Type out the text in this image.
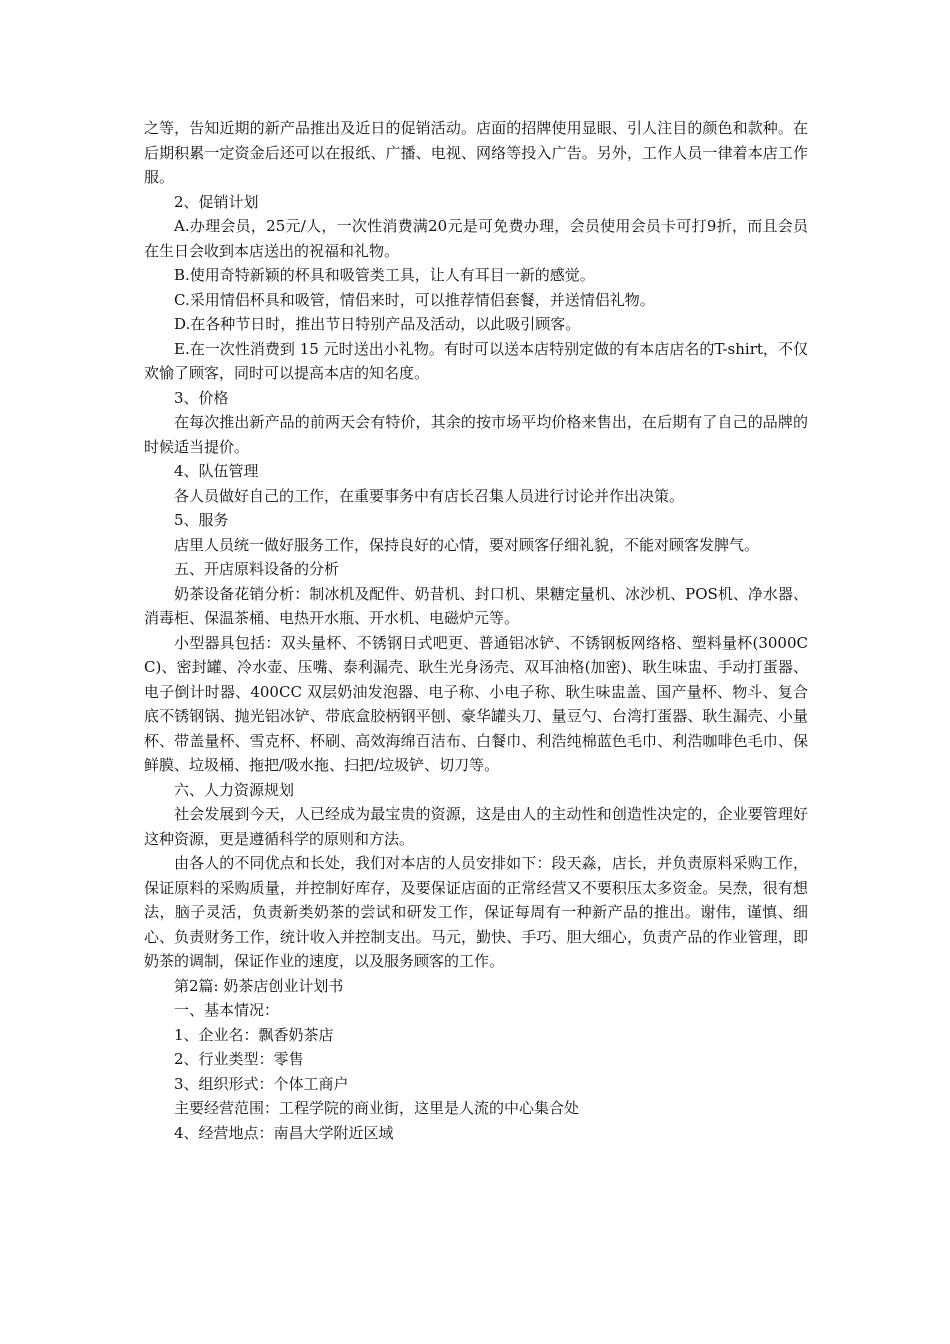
之等，告知近期的新产品推出及近日的促销活动。店面的招牌使用显眼、引人注目的颜色和款种。在后期积累一定资金后还可以在报纸、广播、电视、网络等投入广告。另外，工作人员一律着本店工作服。

2、促销计划

A.办理会员，25元/人，一次性消费满20元是可免费办理，会员使用会员卡可打9折，而且会员在生日会收到本店送出的祝福和礼物。

B.使用奇特新颖的杯具和吸管类工具，让人有耳目一新的感觉。

C.采用情侣杯具和吸管，情侣来时，可以推荐情侣套餐，并送情侣礼物。

D.在各种节日时，推出节日特别产品及活动，以此吸引顾客。

E.在一次性消费到 15 元时送出小礼物。有时可以送本店特别定做的有本店店名的T-shirt，不仅欢愉了顾客，同时可以提高本店的知名度。

3、价格

在每次推出新产品的前两天会有特价，其余的按市场平均价格来售出，在后期有了自己的品牌的时候适当提价。

4、队伍管理

各人员做好自己的工作，在重要事务中有店长召集人员进行讨论并作出决策。

5、服务

店里人员统一做好服务工作，保持良好的心情，要对顾客仔细礼貌，不能对顾客发脾气。

五、开店原料设备的分析

奶茶设备花销分析：制冰机及配件、奶昔机、封口机、果糖定量机、冰沙机、POS机、净水器、消毒柜、保温茶桶、电热开水瓶、开水机、电磁炉元等。

小型器具包括：双头量杯、不锈钢日式吧更、普通铝冰铲、不锈钢板网络格、塑料量杯(3000CC)、密封罐、冷水壶、压嘴、泰利漏壳、耿生光身汤壳、双耳油格(加密)、耿生味盅、手动打蛋器、电子倒计时器、400CC 双层奶油发泡器、电子称、小电子称、耿生味盅盖、国产量杯、物斗、复合底不锈钢锅、抛光铝冰铲、带底盒胶柄钢平刨、豪华罐头刀、量豆勺、台湾打蛋器、耿生漏壳、小量杯、带盖量杯、雪克杯、杯刷、高效海绵百洁布、白餐巾、利浩纯棉蓝色毛巾、利浩咖啡色毛巾、保鲜膜、垃圾桶、拖把/吸水拖、扫把/垃圾铲、切刀等。

六、人力资源规划

社会发展到今天，人已经成为最宝贵的资源，这是由人的主动性和创造性决定的，企业要管理好这种资源，更是遵循科学的原则和方法。

由各人的不同优点和长处，我们对本店的人员安排如下：段天淼，店长，并负责原料采购工作，保证原料的采购质量，并控制好库存，及要保证店面的正常经营又不要积压太多资金。吴焘，很有想法，脑子灵活，负责新类奶茶的尝试和研发工作，保证每周有一种新产品的推出。谢伟，谨慎、细心、负责财务工作，统计收入并控制支出。马元，勤快、手巧、胆大细心，负责产品的作业管理，即奶茶的调制，保证作业的速度，以及服务顾客的工作。

第2篇: 奶茶店创业计划书

一、基本情况：

1、企业名：飘香奶茶店

2、行业类型：零售

3、组织形式：个体工商户

主要经营范围：工程学院的商业街，这里是人流的中心集合处

4、经营地点：南昌大学附近区域
